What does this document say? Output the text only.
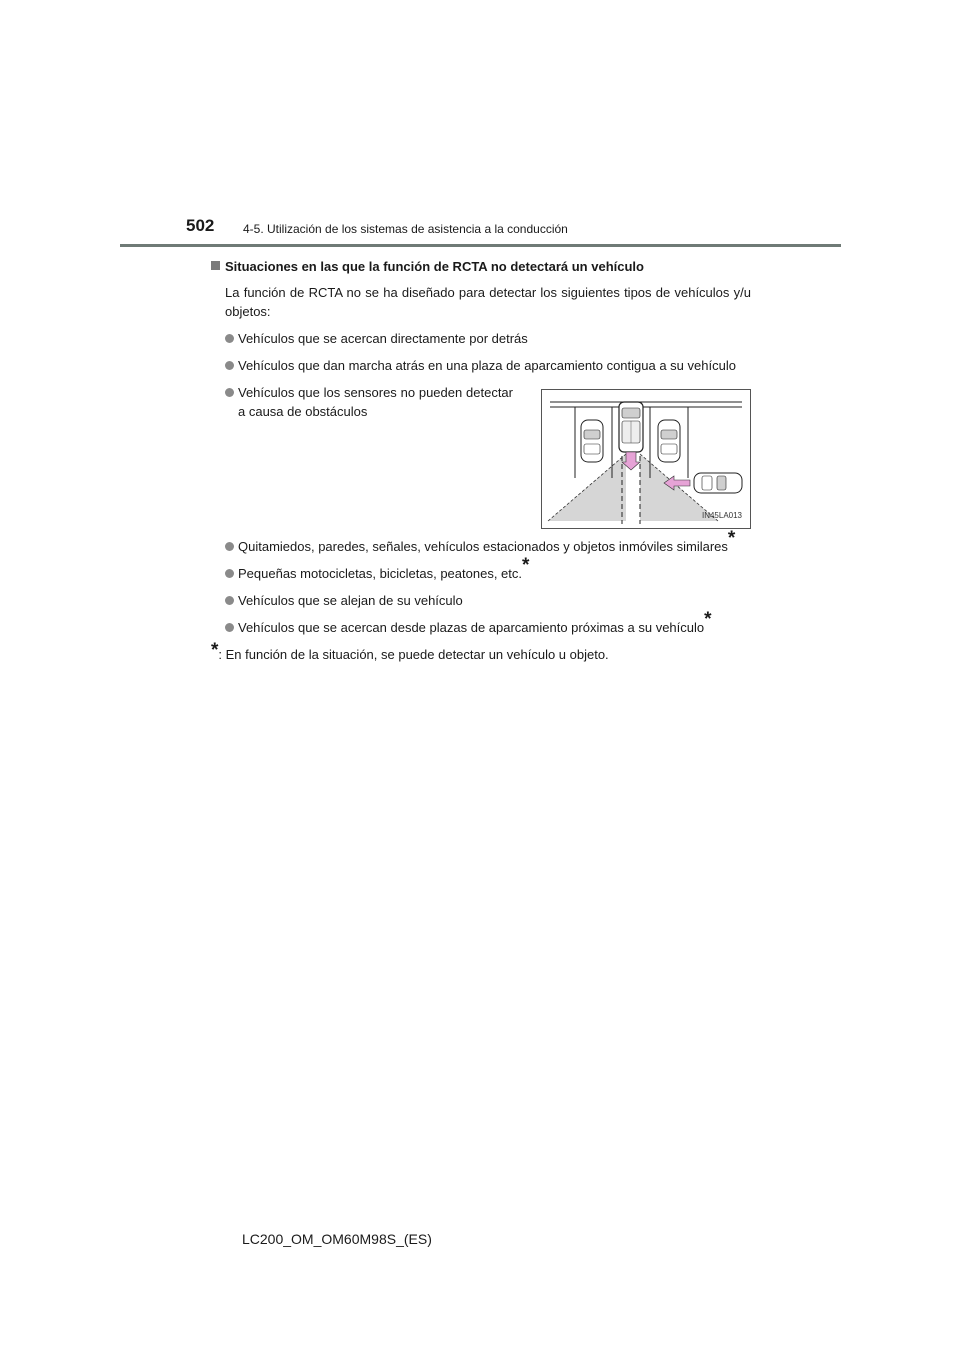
502 4-5. Utilización de los sistemas de asistencia a la conducción
Situaciones en las que la función de RCTA no detectará un vehículo
La función de RCTA no se ha diseñado para detectar los siguientes tipos de vehículos y/u objetos:
Vehículos que se acercan directamente por detrás
Vehículos que dan marcha atrás en una plaza de aparcamiento contigua a su vehículo
Vehículos que los sensores no pueden detectar a causa de obstáculos
IN45LA013
Quitamiedos, paredes, señales, vehículos estacionados y objetos inmóviles similares*
Pequeñas motocicletas, bicicletas, peatones, etc.*
Vehículos que se alejan de su vehículo
Vehículos que se acercan desde plazas de aparcamiento próximas a su vehículo*
*: En función de la situación, se puede detectar un vehículo u objeto.
LC200_OM_OM60M98S_(ES)
